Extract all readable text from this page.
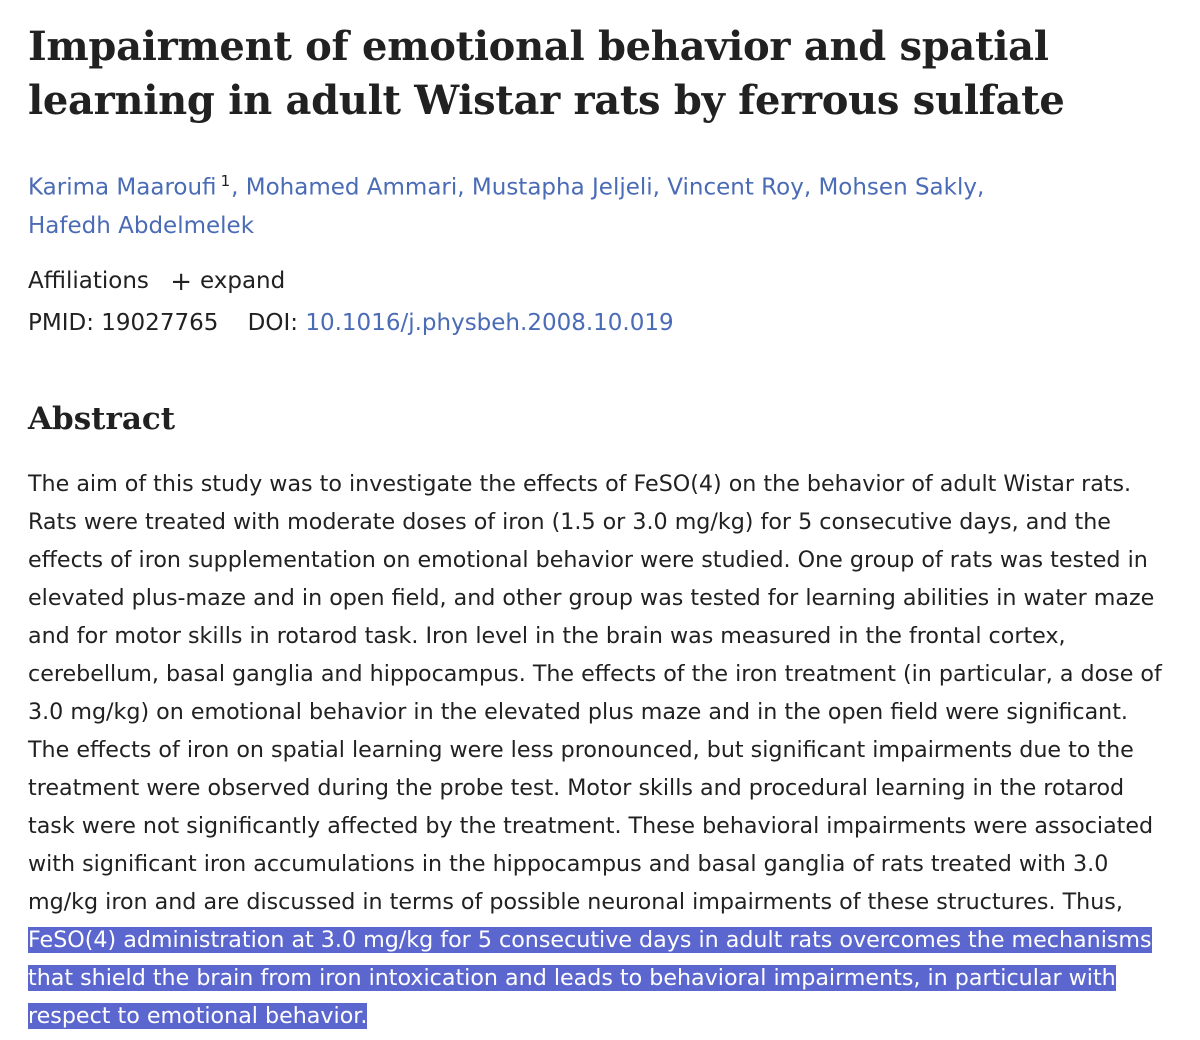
Impairment of emotional behavior and spatial learning in adult Wistar rats by ferrous sulfate
Karima Maaroufi $^1$, Mohamed Ammari, Mustapha Jeljeli, Vincent Roy, Mohsen Sakly,
Hafedh Abdelmelek
Affiliations + expand
PMID: 19027765 DOI: 10.1016/j.physbeh.2008.10.019
Abstract
The aim of this study was to investigate the effects of FeSO(4) on the behavior of adult Wistar rats. Rats were treated with moderate doses of iron (1.5 or 3.0 mg/kg) for 5 consecutive days, and the effects of iron supplementation on emotional behavior were studied. One group of rats was tested in elevated plus-maze and in open field, and other group was tested for learning abilities in water maze and for motor skills in rotarod task. Iron level in the brain was measured in the frontal cortex, cerebellum, basal ganglia and hippocampus. The effects of the iron treatment (in particular, a dose of 3.0 mg/kg) on emotional behavior in the elevated plus maze and in the open field were significant. The effects of iron on spatial learning were less pronounced, but significant impairments due to the treatment were observed during the probe test. Motor skills and procedural learning in the rotarod task were not significantly affected by the treatment. These behavioral impairments were associated with significant iron accumulations in the hippocampus and basal ganglia of rats treated with 3.0 mg/kg iron and are discussed in terms of possible neuronal impairments of these structures. Thus, FeSO(4) administration at 3.0 mg/kg for 5 consecutive days in adult rats overcomes the mechanisms that shield the brain from iron intoxication and leads to behavioral impairments, in particular with respect to emotional behavior.
